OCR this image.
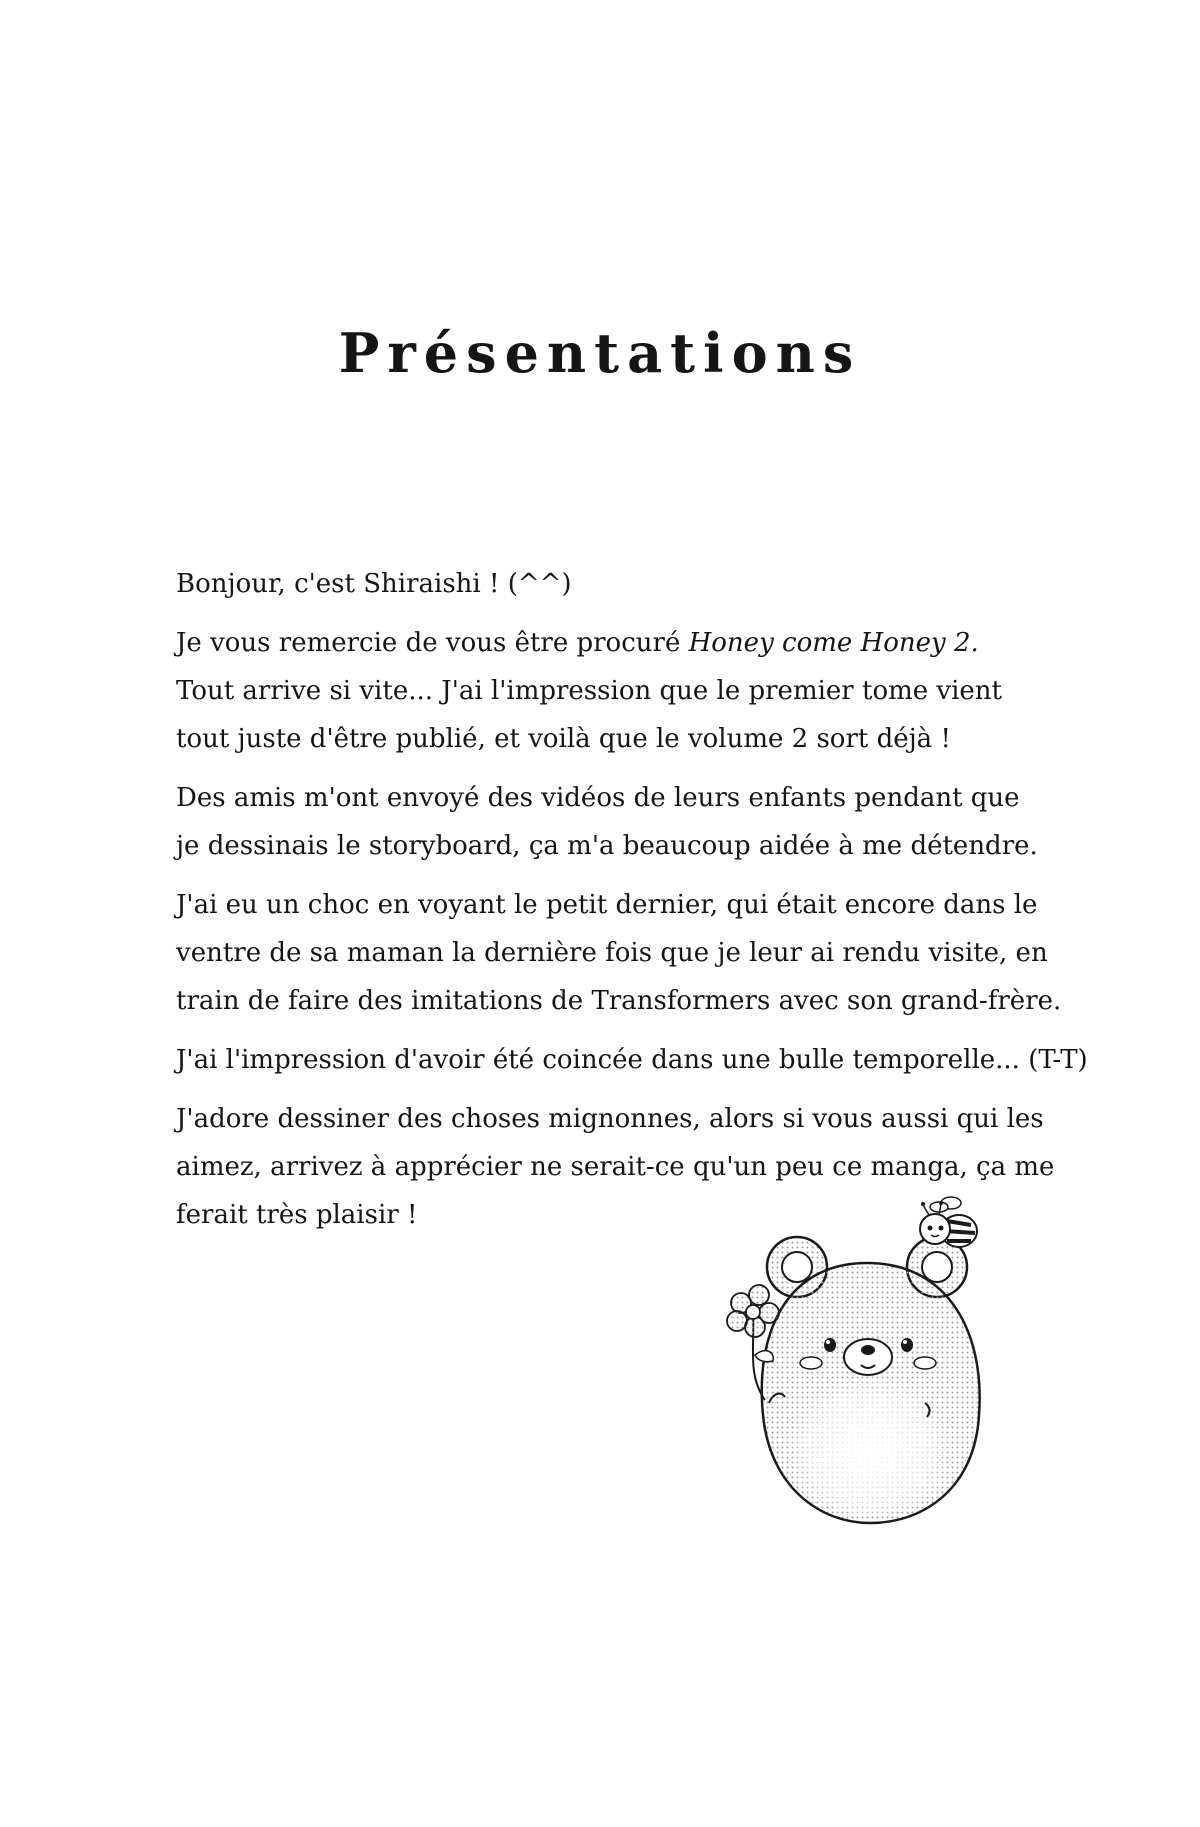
Présentations

Bonjour, c'est Shiraishi ! (^^)

Je vous remercie de vous être procuré Honey come Honey 2.

Tout arrive si vite... J'ai l'impression que le premier tome vient

tout juste d'être publié, et voilà que le volume 2 sort déjà !

Des amis m'ont envoyé des vidéos de leurs enfants pendant que

je dessinais le storyboard, ça m'a beaucoup aidée à me détendre.

J'ai eu un choc en voyant le petit dernier, qui était encore dans le

ventre de sa maman la dernière fois que je leur ai rendu visite, en

train de faire des imitations de Transformers avec son grand-frère.

J'ai l'impression d'avoir été coincée dans une bulle temporelle... (T-T)

J'adore dessiner des choses mignonnes, alors si vous aussi qui les

aimez, arrivez à apprécier ne serait-ce qu'un peu ce manga, ça me

ferait très plaisir !
